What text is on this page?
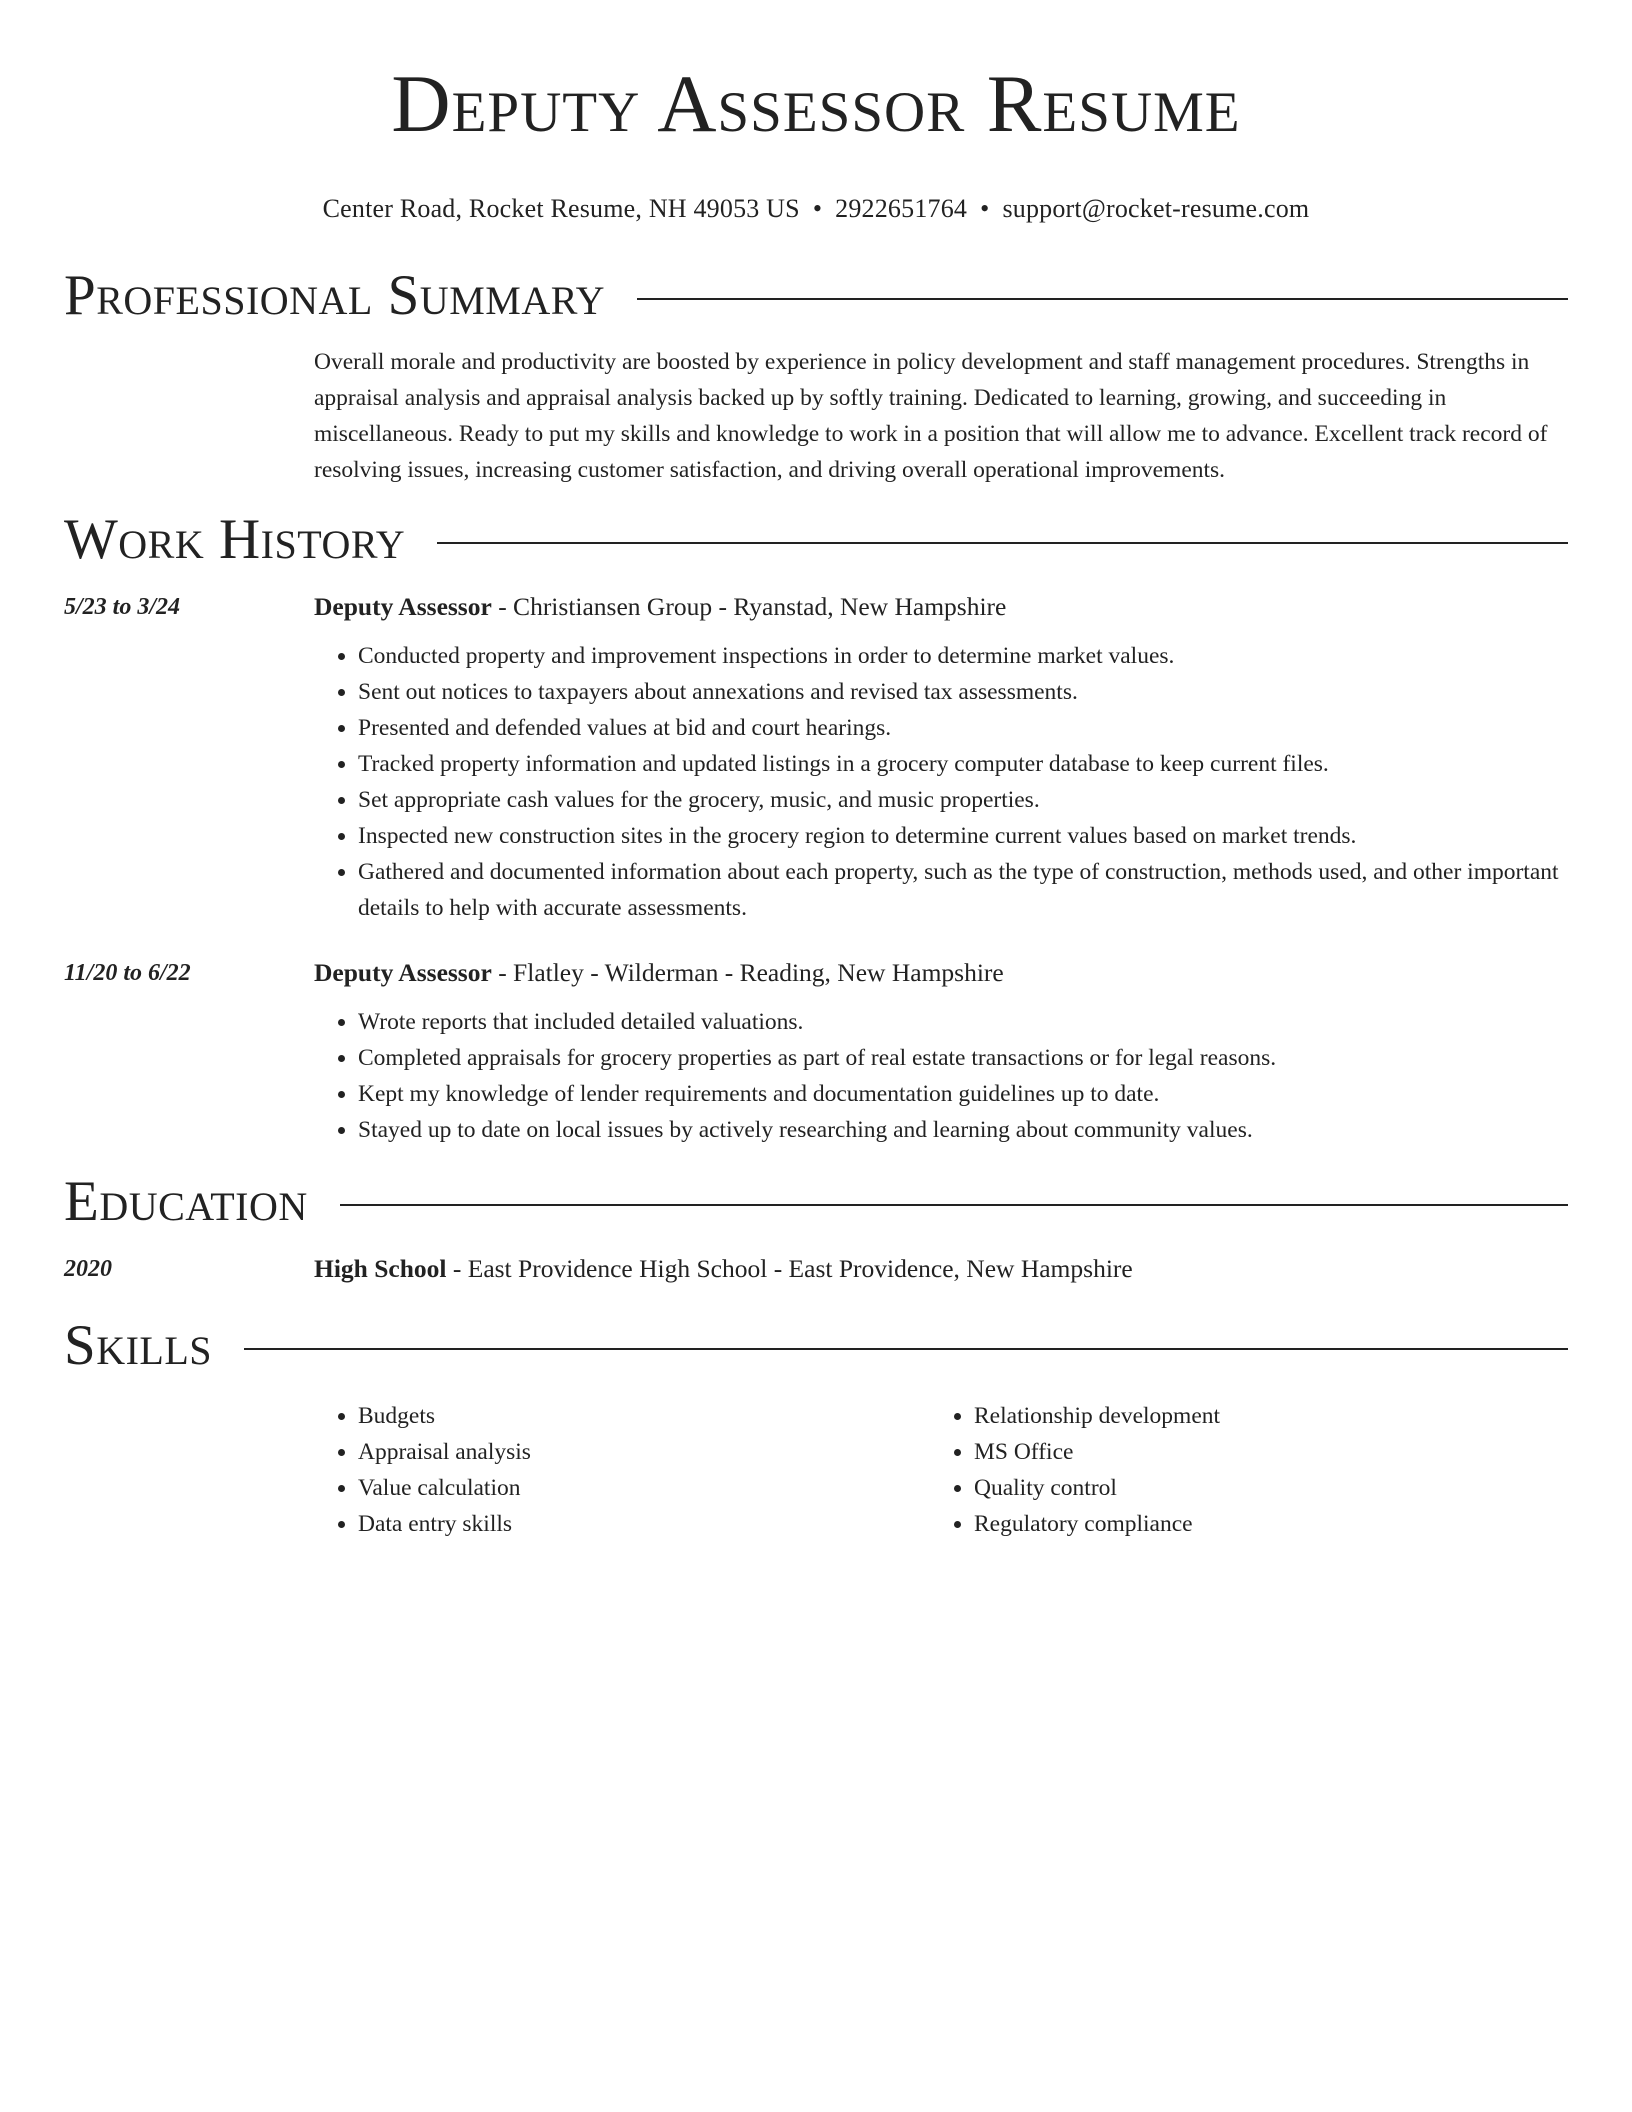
Deputy Assessor Resume
Center Road, Rocket Resume, NH 49053 US • 2922651764 • support@rocket-resume.com
Professional Summary
Overall morale and productivity are boosted by experience in policy development and staff management procedures. Strengths in appraisal analysis and appraisal analysis backed up by softly training. Dedicated to learning, growing, and succeeding in miscellaneous. Ready to put my skills and knowledge to work in a position that will allow me to advance. Excellent track record of resolving issues, increasing customer satisfaction, and driving overall operational improvements.
Work History
5/23 to 3/24	Deputy Assessor - Christiansen Group - Ryanstad, New Hampshire
• Conducted property and improvement inspections in order to determine market values.
• Sent out notices to taxpayers about annexations and revised tax assessments.
• Presented and defended values at bid and court hearings.
• Tracked property information and updated listings in a grocery computer database to keep current files.
• Set appropriate cash values for the grocery, music, and music properties.
• Inspected new construction sites in the grocery region to determine current values based on market trends.
• Gathered and documented information about each property, such as the type of construction, methods used, and other important details to help with accurate assessments.
11/20 to 6/22	Deputy Assessor - Flatley - Wilderman - Reading, New Hampshire
• Wrote reports that included detailed valuations.
• Completed appraisals for grocery properties as part of real estate transactions or for legal reasons.
• Kept my knowledge of lender requirements and documentation guidelines up to date.
• Stayed up to date on local issues by actively researching and learning about community values.
Education
2020	High School - East Providence High School - East Providence, New Hampshire
Skills
• Budgets
• Appraisal analysis
• Value calculation
• Data entry skills
• Relationship development
• MS Office
• Quality control
• Regulatory compliance
